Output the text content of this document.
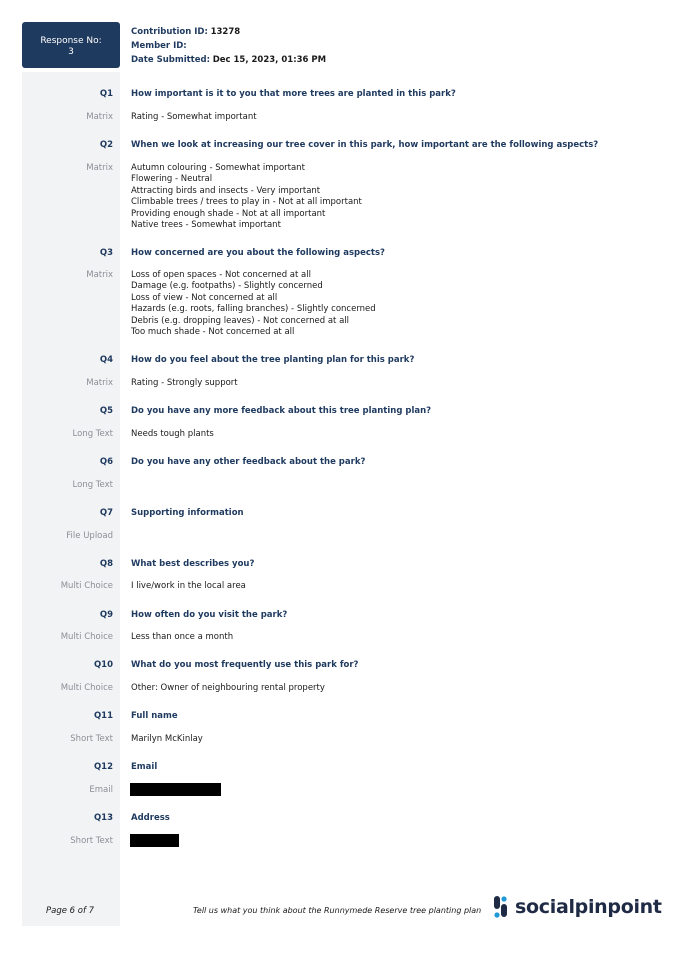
Response No:
3
Contribution ID: 13278
Member ID:
Date Submitted: Dec 15, 2023, 01:36 PM
Q1 How important is it to you that more trees are planted in this park?
Matrix Rating - Somewhat important
Q2 When we look at increasing our tree cover in this park, how important are the following aspects?
Matrix Autumn colouring - Somewhat important
Flowering - Neutral
Attracting birds and insects - Very important
Climbable trees / trees to play in - Not at all important
Providing enough shade - Not at all important
Native trees - Somewhat important
Q3 How concerned are you about the following aspects?
Matrix Loss of open spaces - Not concerned at all
Damage (e.g. footpaths) - Slightly concerned
Loss of view - Not concerned at all
Hazards (e.g. roots, falling branches) - Slightly concerned
Debris (e.g. dropping leaves) - Not concerned at all
Too much shade - Not concerned at all
Q4 How do you feel about the tree planting plan for this park?
Matrix Rating - Strongly support
Q5 Do you have any more feedback about this tree planting plan?
Long Text Needs tough plants
Q6 Do you have any other feedback about the park?
Long Text
Q7 Supporting information
File Upload
Q8 What best describes you?
Multi Choice I live/work in the local area
Q9 How often do you visit the park?
Multi Choice Less than once a month
Q10 What do you most frequently use this park for?
Multi Choice Other: Owner of neighbouring rental property
Q11 Full name
Short Text Marilyn McKinlay
Q12 Email
Email
Q13 Address
Short Text
Page 6 of 7	Tell us what you think about the Runnymede Reserve tree planting plan socialpinpoint
